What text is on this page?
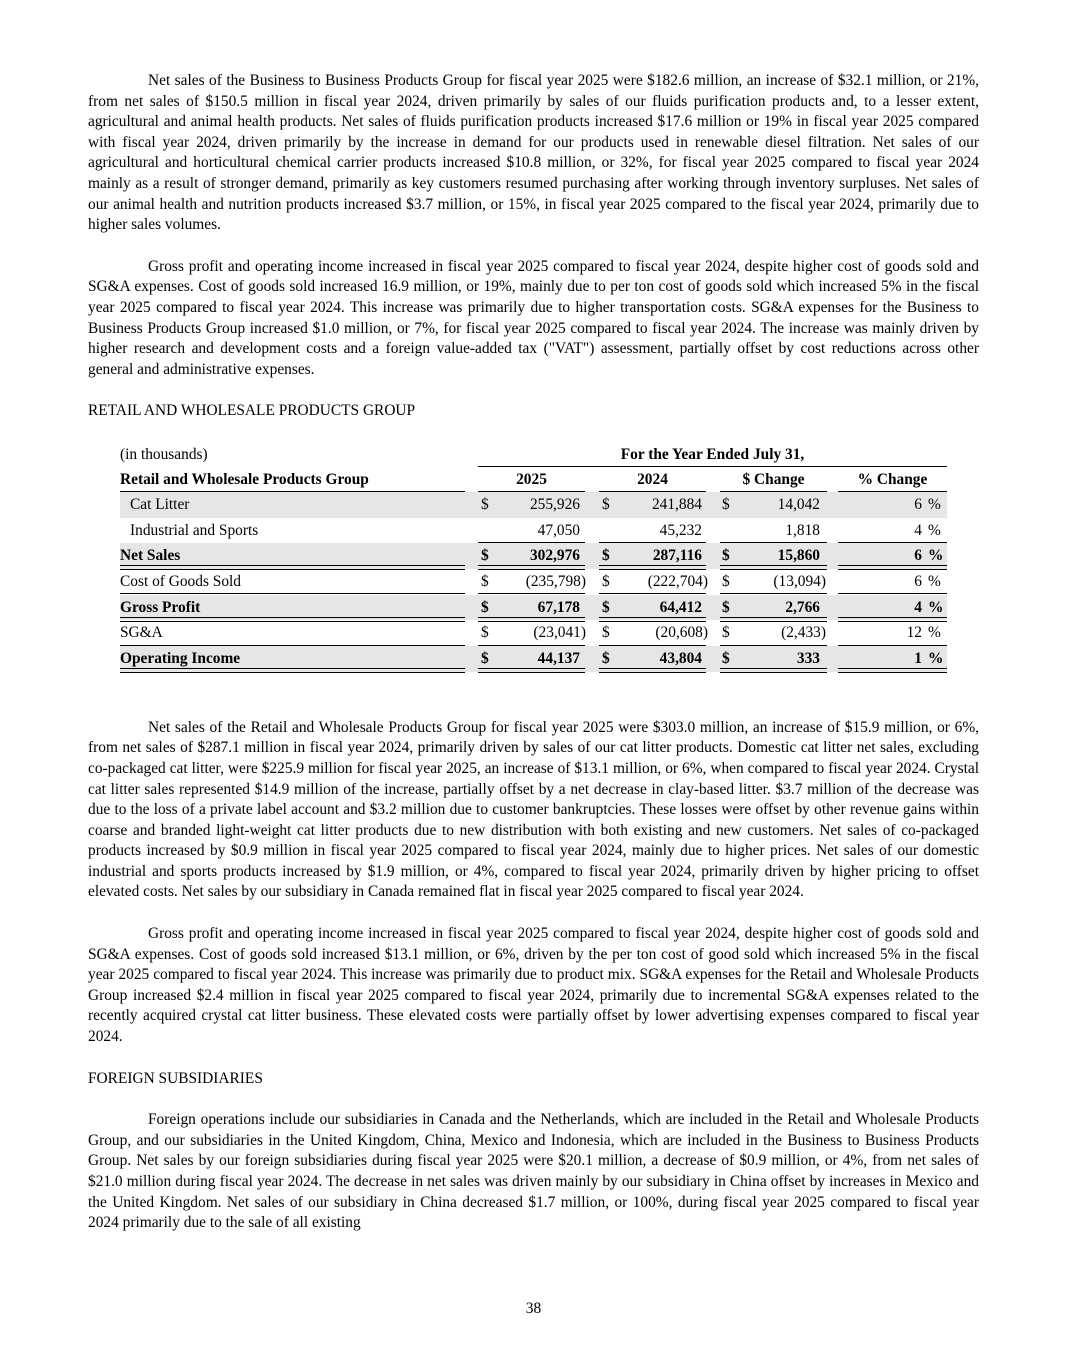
Net sales of the Business to Business Products Group for fiscal year 2025 were $182.6 million, an increase of $32.1 million, or 21%, from net sales of $150.5 million in fiscal year 2024, driven primarily by sales of our fluids purification products and, to a lesser extent, agricultural and animal health products. Net sales of fluids purification products increased $17.6 million or 19% in fiscal year 2025 compared with fiscal year 2024, driven primarily by the increase in demand for our products used in renewable diesel filtration. Net sales of our agricultural and horticultural chemical carrier products increased $10.8 million, or 32%, for fiscal year 2025 compared to fiscal year 2024 mainly as a result of stronger demand, primarily as key customers resumed purchasing after working through inventory surpluses. Net sales of our animal health and nutrition products increased $3.7 million, or 15%, in fiscal year 2025 compared to the fiscal year 2024, primarily due to higher sales volumes.

Gross profit and operating income increased in fiscal year 2025 compared to fiscal year 2024, despite higher cost of goods sold and SG&A expenses. Cost of goods sold increased 16.9 million, or 19%, mainly due to per ton cost of goods sold which increased 5% in the fiscal year 2025 compared to fiscal year 2024. This increase was primarily due to higher transportation costs. SG&A expenses for the Business to Business Products Group increased $1.0 million, or 7%, for fiscal year 2025 compared to fiscal year 2024. The increase was mainly driven by higher research and development costs and a foreign value-added tax ("VAT") assessment, partially offset by cost reductions across other general and administrative expenses.

RETAIL AND WHOLESALE PRODUCTS GROUP
(in thousands)	For the Year Ended July 31,
Retail and Wholesale Products Group	2025	2024	$ Change	% Change
Cat Litter	$	255,926 $	241,884 $	14,042	6 %
Industrial and Sports	47,050	45,232	1,818	4 %
Net Sales	$	302,976 $	287,116 $	15,860	6 %
Cost of Goods Sold	$	(235,798) $	(222,704) $	(13,094)	6 %
Gross Profit	$	67,178 $	64,412 $	2,766	4 %
SG&A	$	(23,041) $	(20,608) $	(2,433)	12 %
Operating Income	$	44,137 $	43,804 $	333	1 %

Net sales of the Retail and Wholesale Products Group for fiscal year 2025 were $303.0 million, an increase of $15.9 million, or 6%, from net sales of $287.1 million in fiscal year 2024, primarily driven by sales of our cat litter products. Domestic cat litter net sales, excluding co-packaged cat litter, were $225.9 million for fiscal year 2025, an increase of $13.1 million, or 6%, when compared to fiscal year 2024. Crystal cat litter sales represented $14.9 million of the increase, partially offset by a net decrease in clay-based litter. $3.7 million of the decrease was due to the loss of a private label account and $3.2 million due to customer bankruptcies. These losses were offset by other revenue gains within coarse and branded light-weight cat litter products due to new distribution with both existing and new customers. Net sales of co-packaged products increased by $0.9 million in fiscal year 2025 compared to fiscal year 2024, mainly due to higher prices. Net sales of our domestic industrial and sports products increased by $1.9 million, or 4%, compared to fiscal year 2024, primarily driven by higher pricing to offset elevated costs. Net sales by our subsidiary in Canada remained flat in fiscal year 2025 compared to fiscal year 2024.

Gross profit and operating income increased in fiscal year 2025 compared to fiscal year 2024, despite higher cost of goods sold and SG&A expenses. Cost of goods sold increased $13.1 million, or 6%, driven by the per ton cost of good sold which increased 5% in the fiscal year 2025 compared to fiscal year 2024. This increase was primarily due to product mix. SG&A expenses for the Retail and Wholesale Products Group increased $2.4 million in fiscal year 2025 compared to fiscal year 2024, primarily due to incremental SG&A expenses related to the recently acquired crystal cat litter business. These elevated costs were partially offset by lower advertising expenses compared to fiscal year 2024.

FOREIGN SUBSIDIARIES

Foreign operations include our subsidiaries in Canada and the Netherlands, which are included in the Retail and Wholesale Products Group, and our subsidiaries in the United Kingdom, China, Mexico and Indonesia, which are included in the Business to Business Products Group. Net sales by our foreign subsidiaries during fiscal year 2025 were $20.1 million, a decrease of $0.9 million, or 4%, from net sales of $21.0 million during fiscal year 2024. The decrease in net sales was driven mainly by our subsidiary in China offset by increases in Mexico and the United Kingdom. Net sales of our subsidiary in China decreased $1.7 million, or 100%, during fiscal year 2025 compared to fiscal year 2024 primarily due to the sale of all existing

38
